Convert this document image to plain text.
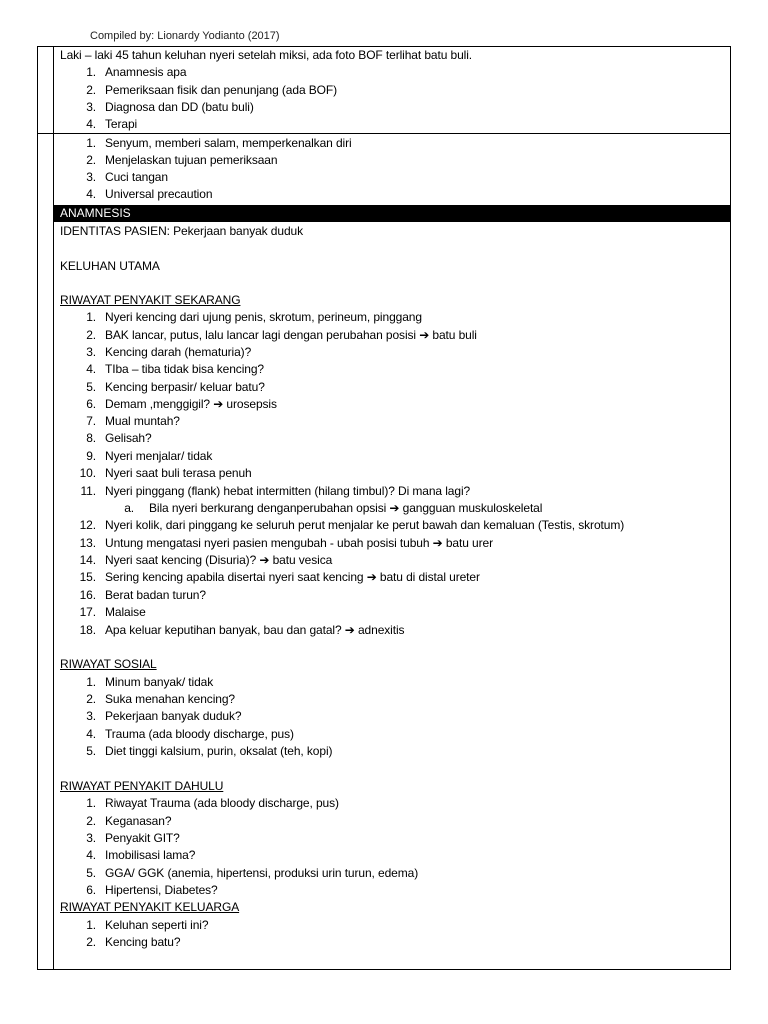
Compiled by: Lionardy Yodianto (2017)
Laki – laki 45 tahun keluhan nyeri setelah miksi, ada foto BOF terlihat batu buli.
1. Anamnesis apa
2. Pemeriksaan fisik dan penunjang (ada BOF)
3. Diagnosa dan DD (batu buli)
4. Terapi
1. Senyum, memberi salam, memperkenalkan diri
2. Menjelaskan tujuan pemeriksaan
3. Cuci tangan
4. Universal precaution
ANAMNESIS
IDENTITAS PASIEN: Pekerjaan banyak duduk
KELUHAN UTAMA
RIWAYAT PENYAKIT SEKARANG
1. Nyeri kencing dari ujung penis, skrotum, perineum, pinggang
2. BAK lancar, putus, lalu lancar lagi dengan perubahan posisi ➔ batu buli
3. Kencing darah (hematuria)?
4. TIba – tiba tidak bisa kencing?
5. Kencing berpasir/ keluar batu?
6. Demam ,menggigil? ➔ urosepsis
7. Mual muntah?
8. Gelisah?
9. Nyeri menjalar/ tidak
10. Nyeri saat buli terasa penuh
11. Nyeri pinggang (flank) hebat intermitten (hilang timbul)? Di mana lagi?
a. Bila nyeri berkurang denganperubahan opsisi ➔ gangguan muskuloskeletal
12. Nyeri kolik, dari pinggang ke seluruh perut menjalar ke perut bawah dan kemaluan (Testis, skrotum)
13. Untung mengatasi nyeri pasien mengubah - ubah posisi tubuh ➔ batu urer
14. Nyeri saat kencing (Disuria)? ➔ batu vesica
15. Sering kencing apabila disertai nyeri saat kencing ➔ batu di distal ureter
16. Berat badan turun?
17. Malaise
18. Apa keluar keputihan banyak, bau dan gatal? ➔ adnexitis
RIWAYAT SOSIAL
1. Minum banyak/ tidak
2. Suka menahan kencing?
3. Pekerjaan banyak duduk?
4. Trauma (ada bloody discharge, pus)
5. Diet tinggi kalsium, purin, oksalat (teh, kopi)
RIWAYAT PENYAKIT DAHULU
1. Riwayat Trauma (ada bloody discharge, pus)
2. Keganasan?
3. Penyakit GIT?
4. Imobilisasi lama?
5. GGA/ GGK (anemia, hipertensi, produksi urin turun, edema)
6. Hipertensi, Diabetes?
RIWAYAT PENYAKIT KELUARGA
1. Keluhan seperti ini?
2. Kencing batu?
